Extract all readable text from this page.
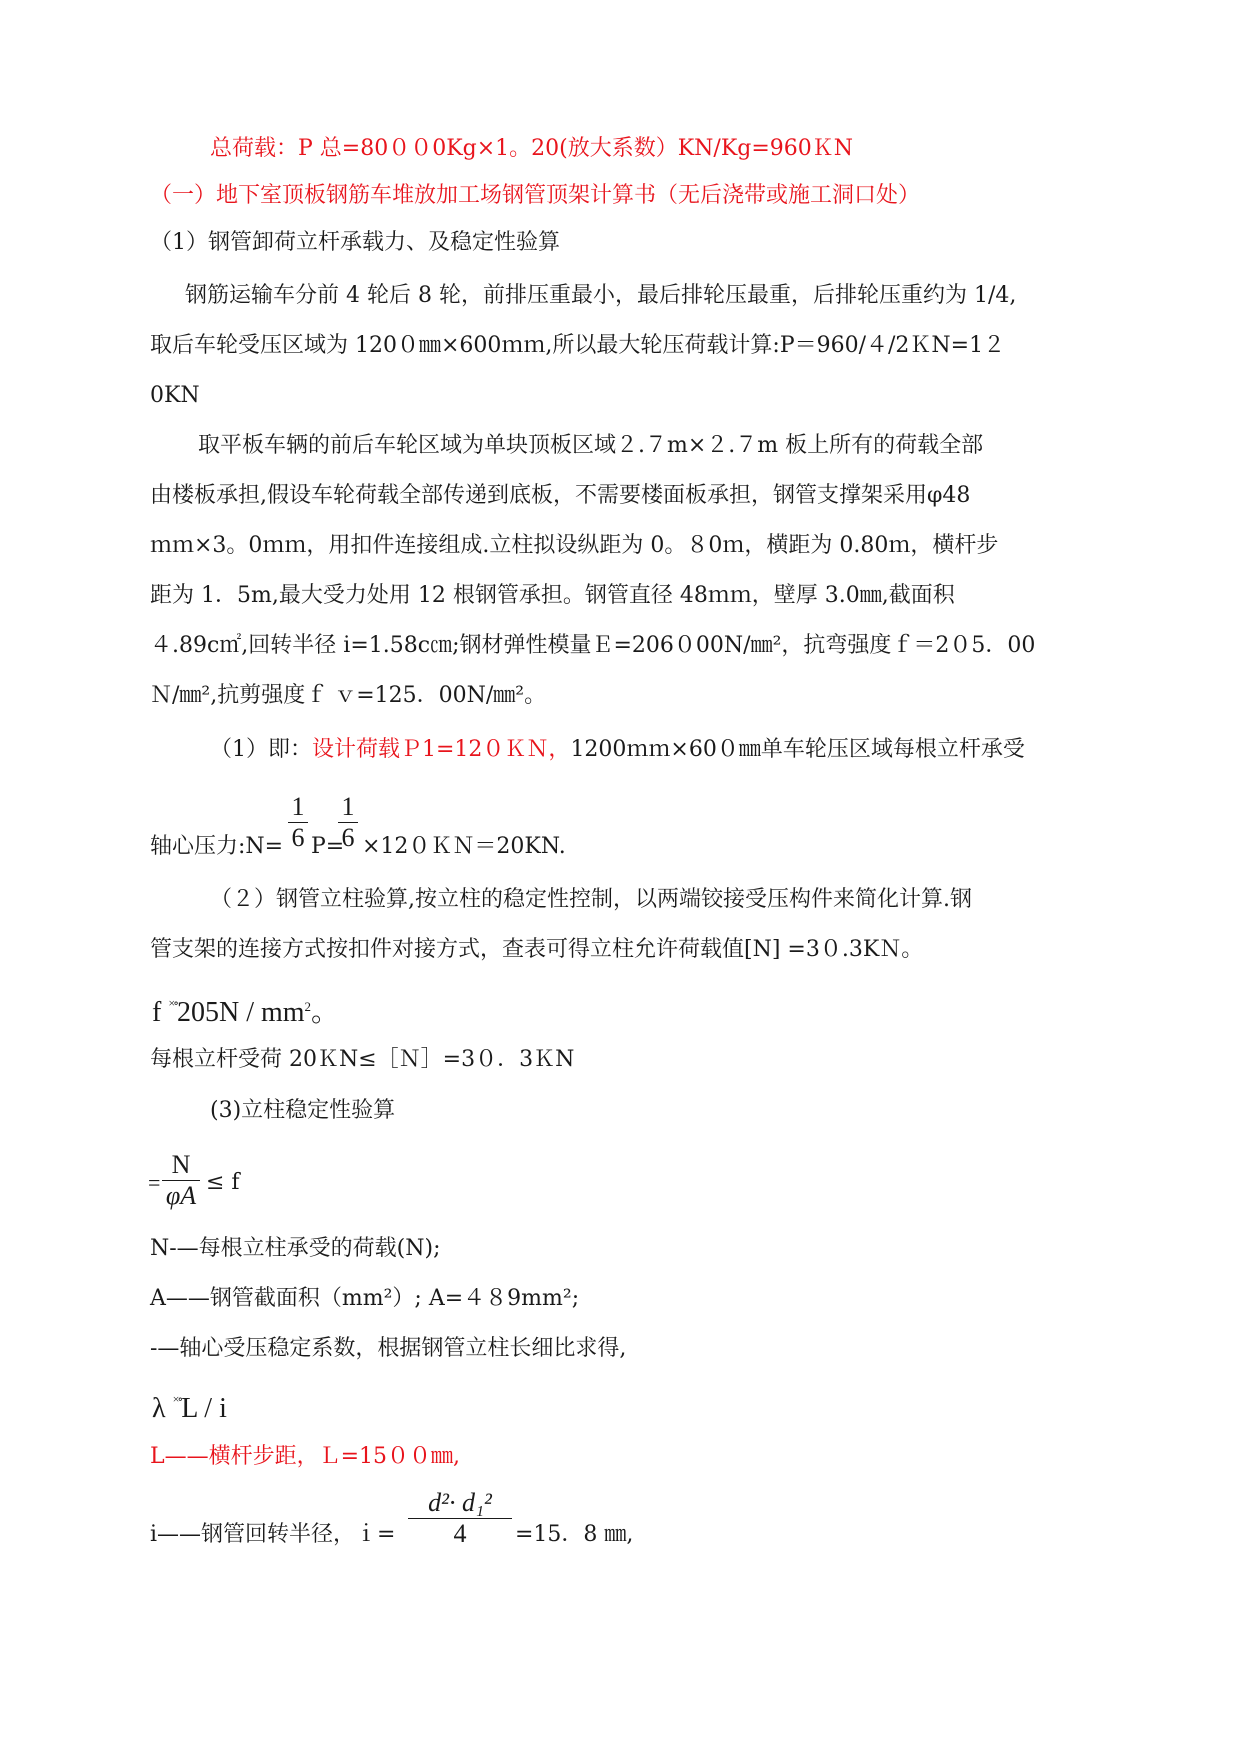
总荷载：P 总=80００0Kg×1。20(放大系数）KN/Kg=960ＫN
（一）地下室顶板钢筋车堆放加工场钢管顶架计算书（无后浇带或施工洞口处）
（1）钢管卸荷立杆承载力、及稳定性验算
钢筋运输车分前 4 轮后 8 轮，前排压重最小，最后排轮压最重，后排轮压重约为 1/4,
取后车轮受压区域为 120０㎜×600ｍｍ,所以最大轮压荷载计算:P＝960/４/2ＫN=1２
0KN
取平板车辆的前后车轮区域为单块顶板区域２.７m×２.７m 板上所有的荷载全部
由楼板承担,假设车轮荷载全部传递到底板，不需要楼面板承担，钢管支撑架采用φ48
ｍｍ×3。0ｍｍ，用扣件连接组成.立柱拟设纵距为 0。８0ｍ，横距为 0.80ｍ，横杆步
距为 1．5m,最大受力处用 12 根钢管承担。钢管直径 48ｍｍ，壁厚 3.0㎜,截面积
４.89c㎡,回转半径 i=1.58c㎝;钢材弹性模量Ｅ=206０00N/㎜²，抗弯强度ｆ＝2０5．00
Ｎ/㎜²,抗剪强度ｆ ｖ=125．00N/㎜²。
（1）即：设计荷载Ｐ1=12０ＫＮ，1200ｍｍ×60０㎜单车轮压区域每根立杆承受
轴心压力:N=
1
6 P=
1
6 ×12０ＫＮ＝20KN.
（２）钢管立柱验算,按立柱的稳定性控制，以两端铰接受压构件来简化计算.钢
管支架的连接方式按扣件对接方式，查表可得立柱允许荷载值[N] =3０.3KＮ。
f $^{\times\circ}205N / mm^2$。
每根立杆受荷 20ＫN≤［Ｎ］=3０．3ＫN
(3)立柱稳定性验算
=
N
φA ≤ f
N-—每根立柱承受的荷载(N);
A——钢管截面积（mm²）; A=４８9mm²;
-—轴心受压稳定系数，根据钢管立柱长细比求得,
λ ×∘L / i
L——横杆步距，Ｌ=15００㎜,
i——钢管回转半径，ｉ=
d²· d₁²
4	=15．8 ㎜,
